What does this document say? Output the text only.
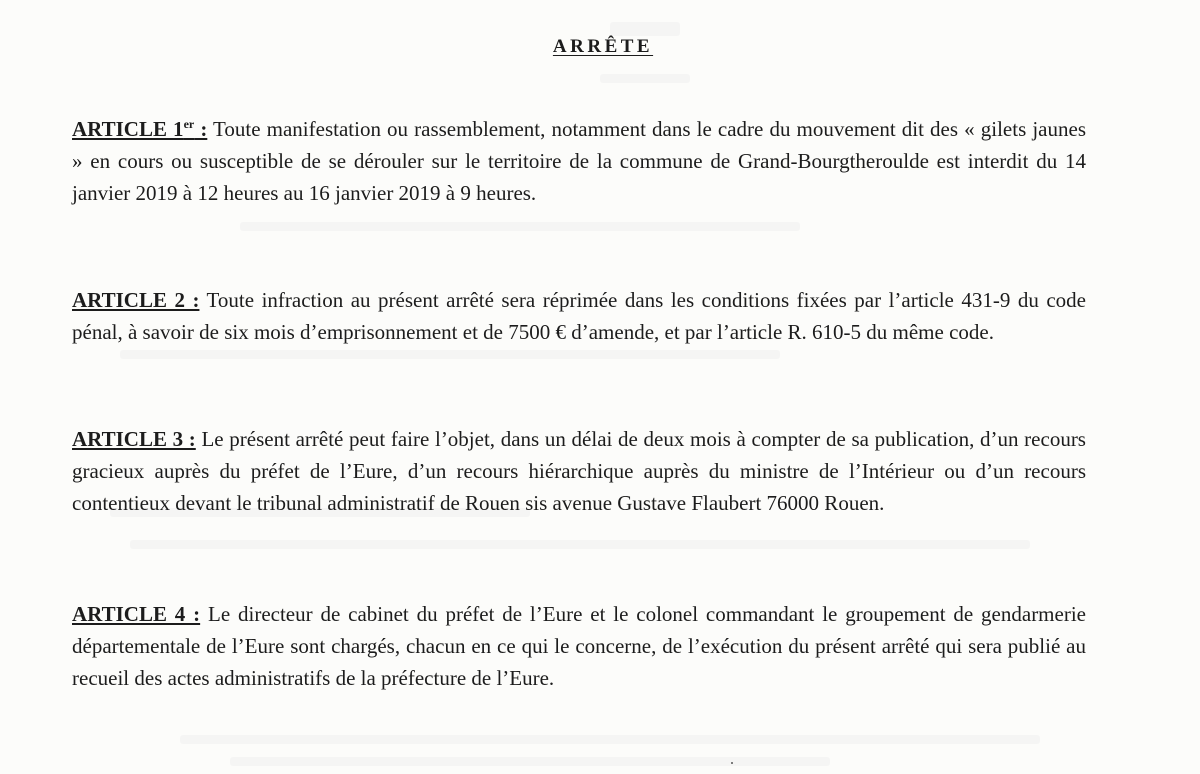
ARRÊTE

ARTICLE 1er : Toute manifestation ou rassemblement, notamment dans le cadre du mouvement dit des « gilets jaunes » en cours ou susceptible de se dérouler sur le territoire de la commune de Grand-Bourgtheroulde est interdit du 14 janvier 2019 à 12 heures au 16 janvier 2019 à 9 heures.

ARTICLE 2 : Toute infraction au présent arrêté sera réprimée dans les conditions fixées par l’article 431-9 du code pénal, à savoir de six mois d’emprisonnement et de 7500 € d’amende, et par l’article R. 610-5 du même code.

ARTICLE 3 : Le présent arrêté peut faire l’objet, dans un délai de deux mois à compter de sa publication, d’un recours gracieux auprès du préfet de l’Eure, d’un recours hiérarchique auprès du ministre de l’Intérieur ou d’un recours contentieux devant le tribunal administratif de Rouen sis avenue Gustave Flaubert 76000 Rouen.

ARTICLE 4 : Le directeur de cabinet du préfet de l’Eure et le colonel commandant le groupement de gendarmerie départementale de l’Eure sont chargés, chacun en ce qui le concerne, de l’exécution du présent arrêté qui sera publié au recueil des actes administratifs de la préfecture de l’Eure.
